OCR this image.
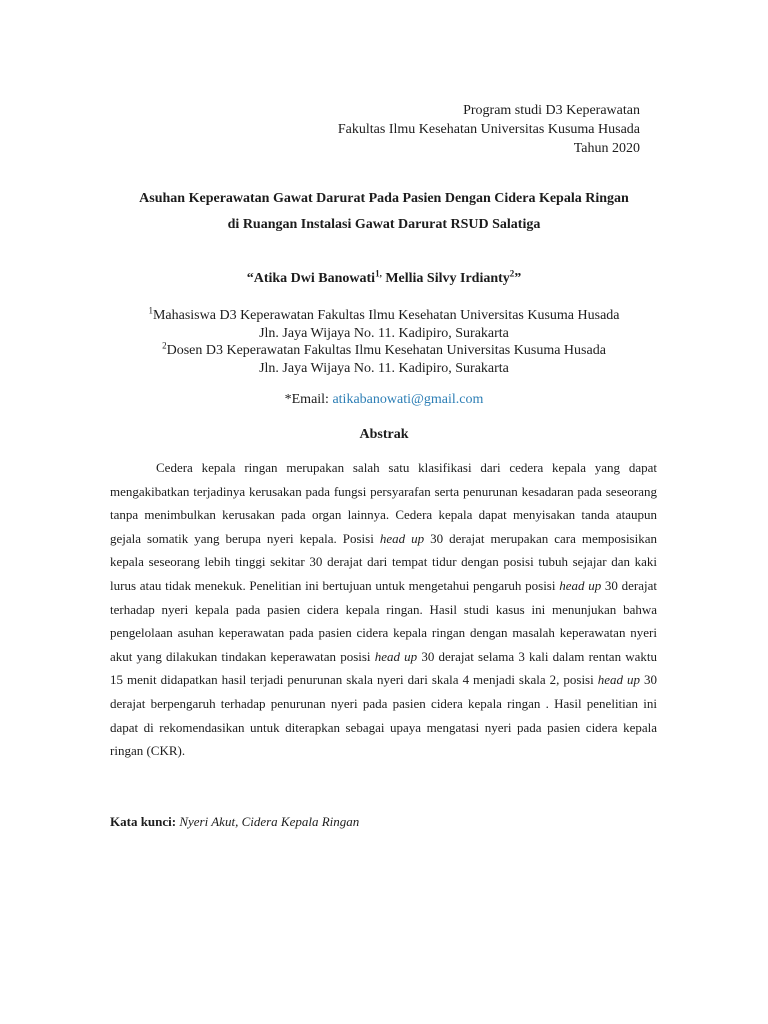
Program studi D3 Keperawatan
Fakultas Ilmu Kesehatan Universitas Kusuma Husada
Tahun 2020
Asuhan Keperawatan Gawat Darurat Pada Pasien Dengan Cidera Kepala Ringan
di Ruangan Instalasi Gawat Darurat RSUD Salatiga
“Atika Dwi Banowati$^{1,}$ Mellia Silvy Irdianty$^2$”
$^1$Mahasiswa D3 Keperawatan Fakultas Ilmu Kesehatan Universitas Kusuma Husada
Jln. Jaya Wijaya No. 11. Kadipiro, Surakarta
$^2$Dosen D3 Keperawatan Fakultas Ilmu Kesehatan Universitas Kusuma Husada
Jln. Jaya Wijaya No. 11. Kadipiro, Surakarta
*Email: atikabanowati@gmail.com
Abstrak

Cedera kepala ringan merupakan salah satu klasifikasi dari cedera kepala yang dapat mengakibatkan terjadinya kerusakan pada fungsi persyarafan serta penurunan kesadaran pada seseorang tanpa menimbulkan kerusakan pada organ lainnya. Cedera kepala dapat menyisakan tanda ataupun gejala somatik yang berupa nyeri kepala. Posisi head up 30 derajat merupakan cara memposisikan kepala seseorang lebih tinggi sekitar 30 derajat dari tempat tidur dengan posisi tubuh sejajar dan kaki lurus atau tidak menekuk. Penelitian ini bertujuan untuk mengetahui pengaruh posisi head up 30 derajat terhadap nyeri kepala pada pasien cidera kepala ringan. Hasil studi kasus ini menunjukan bahwa pengelolaan asuhan keperawatan pada pasien cidera kepala ringan dengan masalah keperawatan nyeri akut yang dilakukan tindakan keperawatan posisi head up 30 derajat selama 3 kali dalam rentan waktu 15 menit didapatkan hasil terjadi penurunan skala nyeri dari skala 4 menjadi skala 2, posisi head up 30 derajat berpengaruh terhadap penurunan nyeri pada pasien cidera kepala ringan . Hasil penelitian ini dapat di rekomendasikan untuk diterapkan sebagai upaya mengatasi nyeri pada pasien cidera kepala ringan (CKR).

Kata kunci: Nyeri Akut, Cidera Kepala Ringan
